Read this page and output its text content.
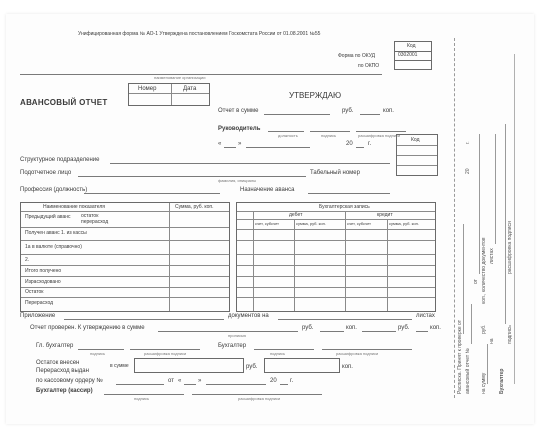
Унифицированная форма № АО-1 Утверждена постановлением Госкомстата России от 01.08.2001 №55
Код
Форма по ОКУД	0302001
по ОКПО
наименование организации
Номер	Дата
АВАНСОВЫЙ ОТЧЕТ
УТВЕРЖДАЮ
Отчет в сумме	руб.	коп.
Руководитель
должность	подпись	расшифровка подписи
«	»	20	г.
Код
Структурное подразделение
Подотчетное лицо
фамилия, инициалы
Табельный номер
Профессия (должность)	Назначение аванса
Наименование показателя	Сумма, руб. коп.
Предыдущий аванс остаток
перерасход
Получен аванс 1. из кассы
1а в валюте (справочно)
2.
Итого получено
Израсходовано
Остаток
Перерасход
Бухгалтерская запись
дебет	кредит
счет, субсчет	сумма, руб. коп.	счет, субсчет	сумма, руб. коп.
Приложение	документов на	листах
Отчет проверен. К утверждению в сумме	руб.	коп.	руб.	коп.
прописью
Гл. бухгалтер
подпись	расшифровка подписи
Бухгалтер
подпись	расшифровка подписи
Остаток внесен
Перерасход выдан
в сумме	руб.	коп.
по кассовому ордеру №	от «	»	20 г.
Бухгалтер (кассир)
подпись	расшифровка подписи
Расписка. Принят к проверке от авансовый отчет №
от
на сумму
руб.
коп., количество документов
на
листах
Бухгалтер
подпись
расшифровка подписи
20
г.
